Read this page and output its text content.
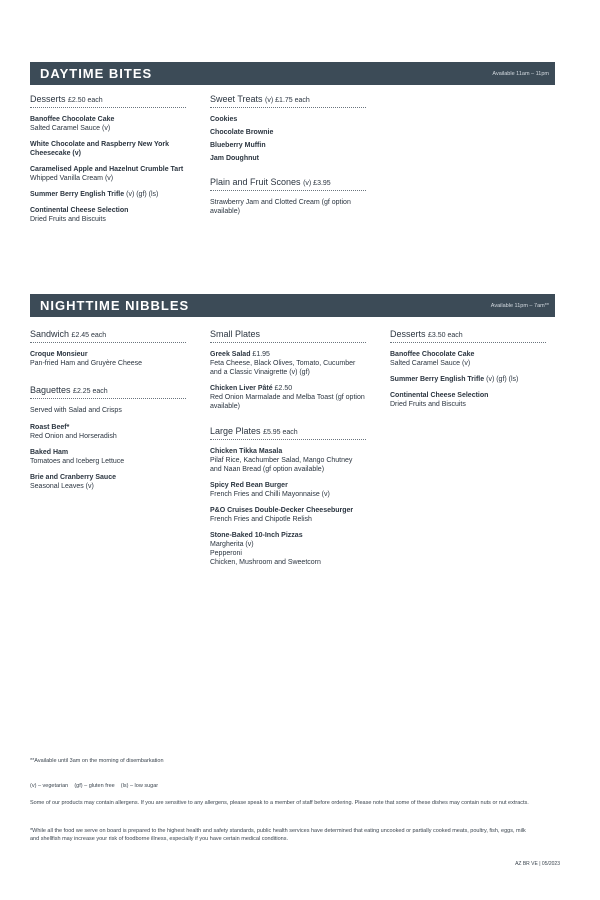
DAYTIME BITES	Available 11am – 11pm
Desserts £2.50 each
Banoffee Chocolate Cake
Salted Caramel Sauce (v)
White Chocolate and Raspberry New York Cheesecake (v)
Caramelised Apple and Hazelnut Crumble Tart
Whipped Vanilla Cream (v)
Summer Berry English Trifle (v) (gf) (ls)
Continental Cheese Selection
Dried Fruits and Biscuits
Sweet Treats (v) £1.75 each
Cookies
Chocolate Brownie
Blueberry Muffin
Jam Doughnut
Plain and Fruit Scones (v) £3.95
Strawberry Jam and Clotted Cream (gf option available)
NIGHTTIME NIBBLES	Available 11pm – 7am**
Sandwich £2.45 each
Croque Monsieur
Pan-fried Ham and Gruyère Cheese
Baguettes £2.25 each
Served with Salad and Crisps
Roast Beef*
Red Onion and Horseradish
Baked Ham
Tomatoes and Iceberg Lettuce
Brie and Cranberry Sauce
Seasonal Leaves (v)
Small Plates
Greek Salad £1.95
Feta Cheese, Black Olives, Tomato, Cucumber and a Classic Vinaigrette (v) (gf)
Chicken Liver Pâté £2.50
Red Onion Marmalade and Melba Toast (gf option available)
Large Plates £5.95 each
Chicken Tikka Masala
Pilaf Rice, Kachumber Salad, Mango Chutney and Naan Bread (gf option available)
Spicy Red Bean Burger
French Fries and Chilli Mayonnaise (v)
P&O Cruises Double-Decker Cheeseburger
French Fries and Chipotle Relish
Stone-Baked 10-Inch Pizzas
Margherita (v)
Pepperoni
Chicken, Mushroom and Sweetcorn
Desserts £3.50 each
Banoffee Chocolate Cake
Salted Caramel Sauce (v)
Summer Berry English Trifle (v) (gf) (ls)
Continental Cheese Selection
Dried Fruits and Biscuits
**Available until 3am on the morning of disembarkation
(v) – vegetarian    (gf) – gluten free    (ls) – low sugar
Some of our products may contain allergens. If you are sensitive to any allergens, please speak to a member of staff before ordering. Please note that some of these dishes may contain nuts or nut extracts.
*While all the food we serve on board is prepared to the highest health and safety standards, public health services have determined that eating uncooked or partially cooked meats, poultry, fish, eggs, milk and shellfish may increase your risk of foodborne illness, especially if you have certain medical conditions.
AZ BR VE | 05/2023
